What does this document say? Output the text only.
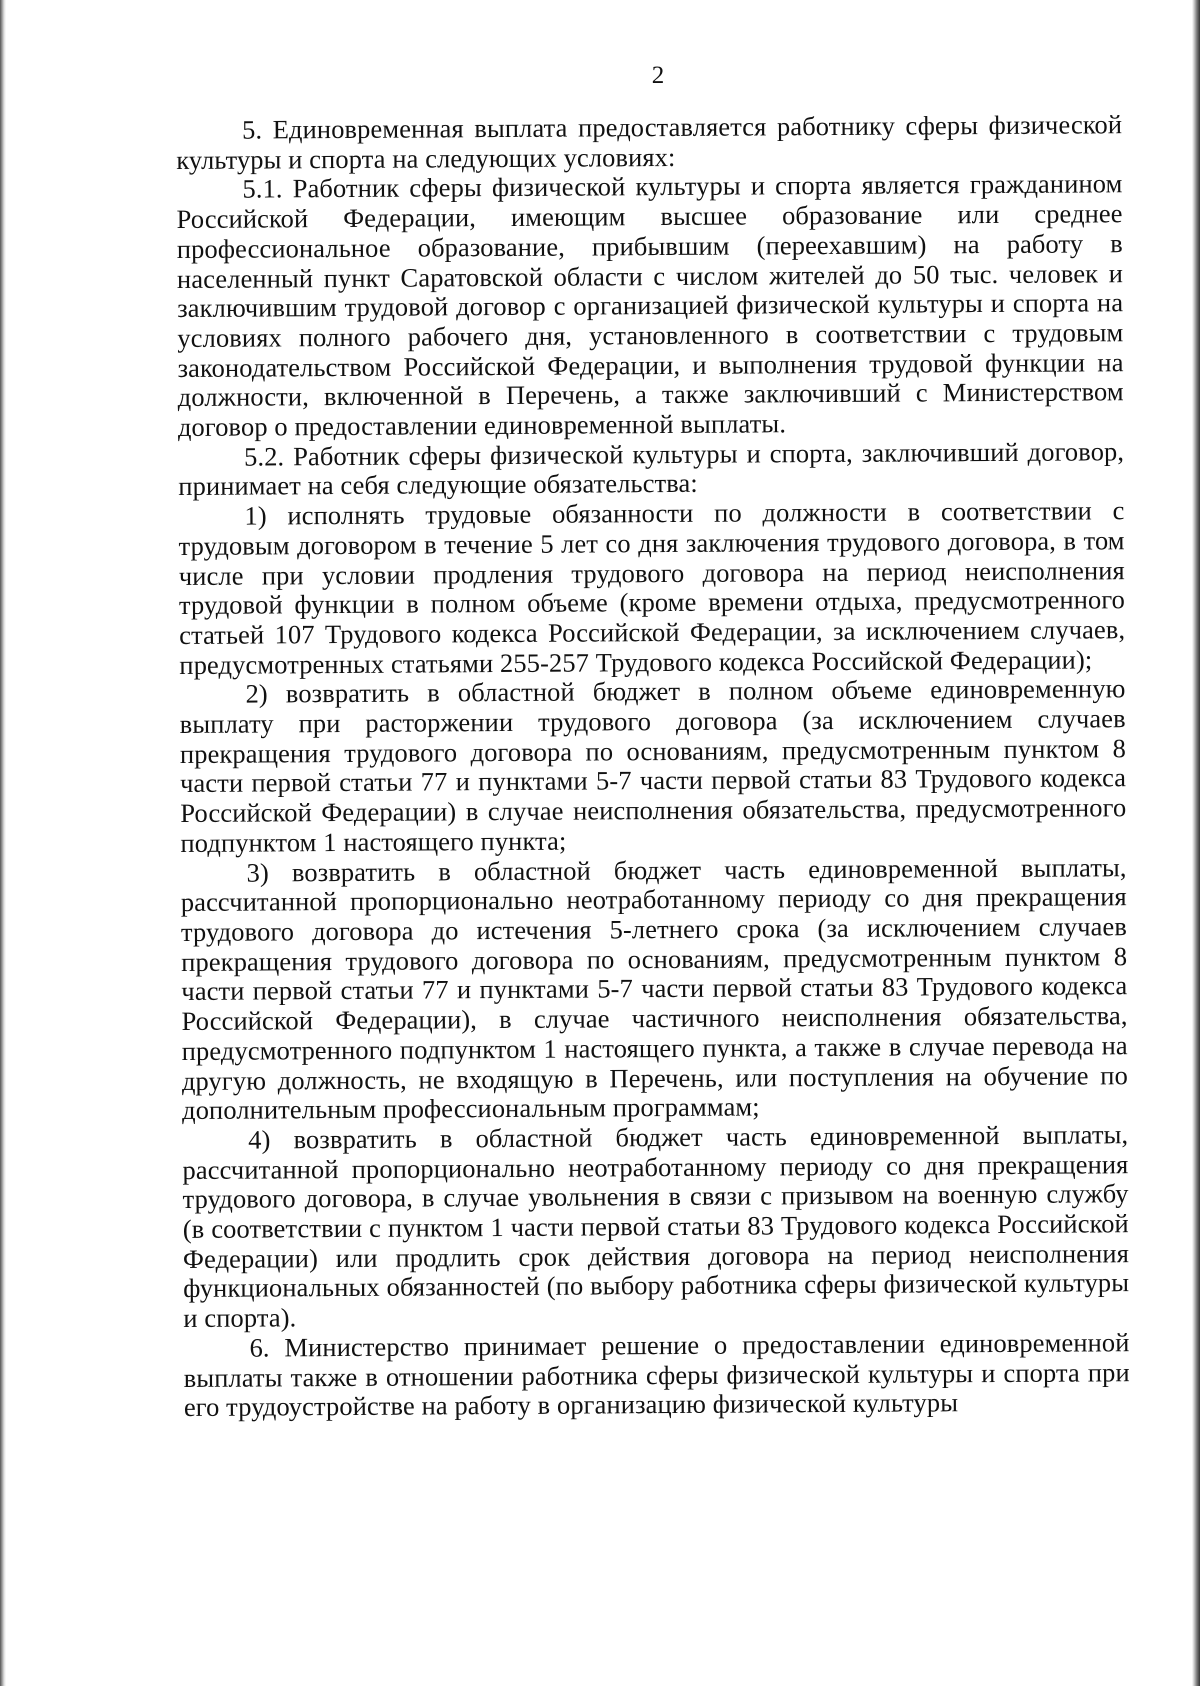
2

5. Единовременная выплата предоставляется работнику сферы физической культуры и спорта на следующих условиях:

5.1. Работник сферы физической культуры и спорта является гражданином Российской Федерации, имеющим высшее образование или среднее профессиональное образование, прибывшим (переехавшим) на работу в населенный пункт Саратовской области с числом жителей до 50 тыс. человек и заключившим трудовой договор с организацией физической культуры и спорта на условиях полного рабочего дня, установленного в соответствии с трудовым законодательством Российской Федерации, и выполнения трудовой функции на должности, включенной в Перечень, а также заключивший с Министерством договор о предоставлении единовременной выплаты.

5.2. Работник сферы физической культуры и спорта, заключивший договор, принимает на себя следующие обязательства:

1) исполнять трудовые обязанности по должности в соответствии с трудовым договором в течение 5 лет со дня заключения трудового договора, в том числе при условии продления трудового договора на период неисполнения трудовой функции в полном объеме (кроме времени отдыха, предусмотренного статьей 107 Трудового кодекса Российской Федерации, за исключением случаев, предусмотренных статьями 255-257 Трудового кодекса Российской Федерации);

2) возвратить в областной бюджет в полном объеме единовременную выплату при расторжении трудового договора (за исключением случаев прекращения трудового договора по основаниям, предусмотренным пунктом 8 части первой статьи 77 и пунктами 5-7 части первой статьи 83 Трудового кодекса Российской Федерации) в случае неисполнения обязательства, предусмотренного подпунктом 1 настоящего пункта;

3) возвратить в областной бюджет часть единовременной выплаты, рассчитанной пропорционально неотработанному периоду со дня прекращения трудового договора до истечения 5-летнего срока (за исключением случаев прекращения трудового договора по основаниям, предусмотренным пунктом 8 части первой статьи 77 и пунктами 5-7 части первой статьи 83 Трудового кодекса Российской Федерации), в случае частичного неисполнения обязательства, предусмотренного подпунктом 1 настоящего пункта, а также в случае перевода на другую должность, не входящую в Перечень, или поступления на обучение по дополнительным профессиональным программам;

4) возвратить в областной бюджет часть единовременной выплаты, рассчитанной пропорционально неотработанному периоду со дня прекращения трудового договора, в случае увольнения в связи с призывом на военную службу (в соответствии с пунктом 1 части первой статьи 83 Трудового кодекса Российской Федерации) или продлить срок действия договора на период неисполнения функциональных обязанностей (по выбору работника сферы физической культуры и спорта).

6. Министерство принимает решение о предоставлении единовременной выплаты также в отношении работника сферы физической культуры и спорта при его трудоустройстве на работу в организацию физической культуры
